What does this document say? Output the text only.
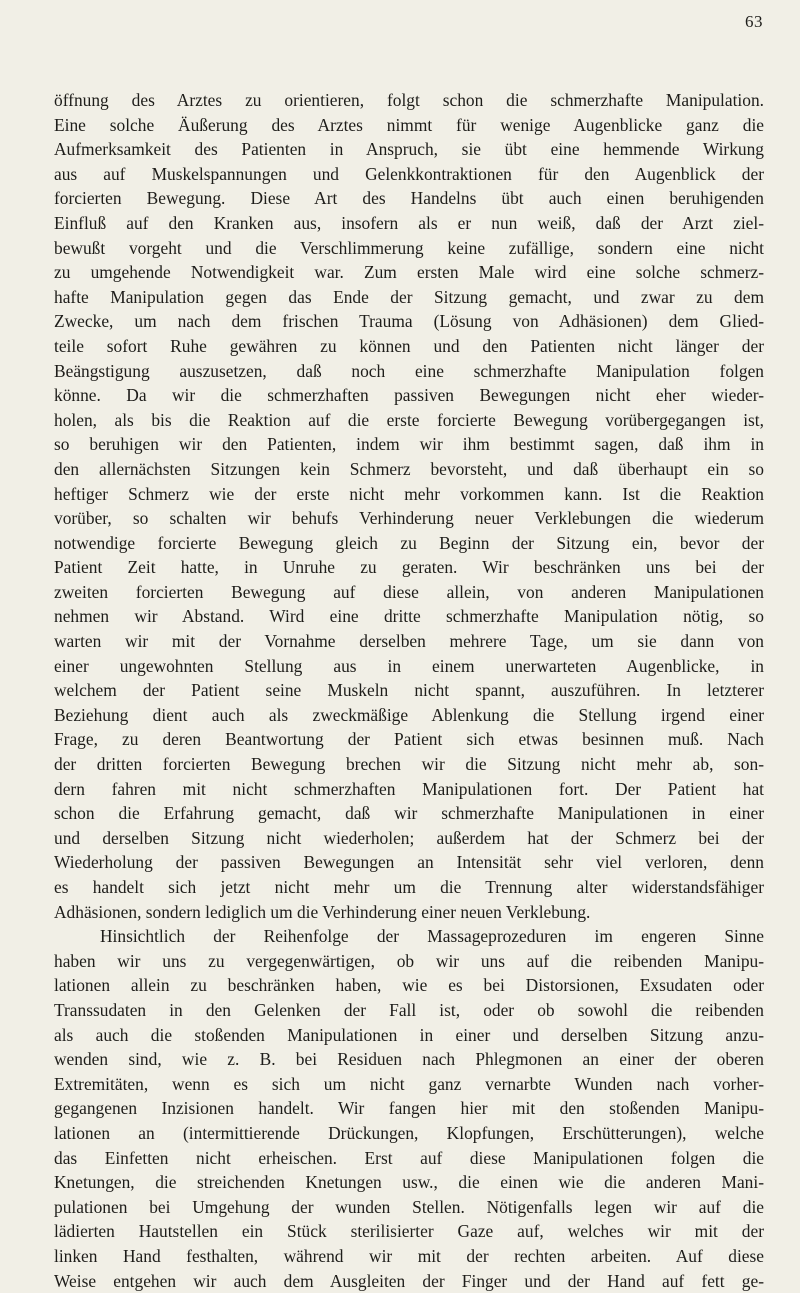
63
öffnung des Arztes zu orientieren, folgt schon die schmerzhafte Manipulation.
Eine solche Äußerung des Arztes nimmt für wenige Augenblicke ganz die
Aufmerksamkeit des Patienten in Anspruch, sie übt eine hemmende Wirkung
aus auf Muskelspannungen und Gelenkkontraktionen für den Augenblick der
forcierten Bewegung. Diese Art des Handelns übt auch einen beruhigenden
Einfluß auf den Kranken aus, insofern als er nun weiß, daß der Arzt ziel-
bewußt vorgeht und die Verschlimmerung keine zufällige, sondern eine nicht
zu umgehende Notwendigkeit war. Zum ersten Male wird eine solche schmerz-
hafte Manipulation gegen das Ende der Sitzung gemacht, und zwar zu dem
Zwecke, um nach dem frischen Trauma (Lösung von Adhäsionen) dem Glied-
teile sofort Ruhe gewähren zu können und den Patienten nicht länger der
Beängstigung auszusetzen, daß noch eine schmerzhafte Manipulation folgen
könne. Da wir die schmerzhaften passiven Bewegungen nicht eher wieder-
holen, als bis die Reaktion auf die erste forcierte Bewegung vorübergegangen ist,
so beruhigen wir den Patienten, indem wir ihm bestimmt sagen, daß ihm in
den allernächsten Sitzungen kein Schmerz bevorsteht, und daß überhaupt ein so
heftiger Schmerz wie der erste nicht mehr vorkommen kann. Ist die Reaktion
vorüber, so schalten wir behufs Verhinderung neuer Verklebungen die wiederum
notwendige forcierte Bewegung gleich zu Beginn der Sitzung ein, bevor der
Patient Zeit hatte, in Unruhe zu geraten. Wir beschränken uns bei der
zweiten forcierten Bewegung auf diese allein, von anderen Manipulationen
nehmen wir Abstand. Wird eine dritte schmerzhafte Manipulation nötig, so
warten wir mit der Vornahme derselben mehrere Tage, um sie dann von
einer ungewohnten Stellung aus in einem unerwarteten Augenblicke, in
welchem der Patient seine Muskeln nicht spannt, auszuführen. In letzterer
Beziehung dient auch als zweckmäßige Ablenkung die Stellung irgend einer
Frage, zu deren Beantwortung der Patient sich etwas besinnen muß. Nach
der dritten forcierten Bewegung brechen wir die Sitzung nicht mehr ab, son-
dern fahren mit nicht schmerzhaften Manipulationen fort. Der Patient hat
schon die Erfahrung gemacht, daß wir schmerzhafte Manipulationen in einer
und derselben Sitzung nicht wiederholen; außerdem hat der Schmerz bei der
Wiederholung der passiven Bewegungen an Intensität sehr viel verloren, denn
es handelt sich jetzt nicht mehr um die Trennung alter widerstandsfähiger
Adhäsionen, sondern lediglich um die Verhinderung einer neuen Verklebung.
Hinsichtlich der Reihenfolge der Massageprozeduren im engeren Sinne
haben wir uns zu vergegenwärtigen, ob wir uns auf die reibenden Manipu-
lationen allein zu beschränken haben, wie es bei Distorsionen, Exsudaten oder
Transsudaten in den Gelenken der Fall ist, oder ob sowohl die reibenden
als auch die stoßenden Manipulationen in einer und derselben Sitzung anzu-
wenden sind, wie z. B. bei Residuen nach Phlegmonen an einer der oberen
Extremitäten, wenn es sich um nicht ganz vernarbte Wunden nach vorher-
gegangenen Inzisionen handelt. Wir fangen hier mit den stoßenden Manipu-
lationen an (intermittierende Drückungen, Klopfungen, Erschütterungen), welche
das Einfetten nicht erheischen. Erst auf diese Manipulationen folgen die
Knetungen, die streichenden Knetungen usw., die einen wie die anderen Mani-
pulationen bei Umgehung der wunden Stellen. Nötigenfalls legen wir auf die
lädierten Hautstellen ein Stück sterilisierter Gaze auf, welches wir mit der
linken Hand festhalten, während wir mit der rechten arbeiten. Auf diese
Weise entgehen wir auch dem Ausgleiten der Finger und der Hand auf fett ge-
